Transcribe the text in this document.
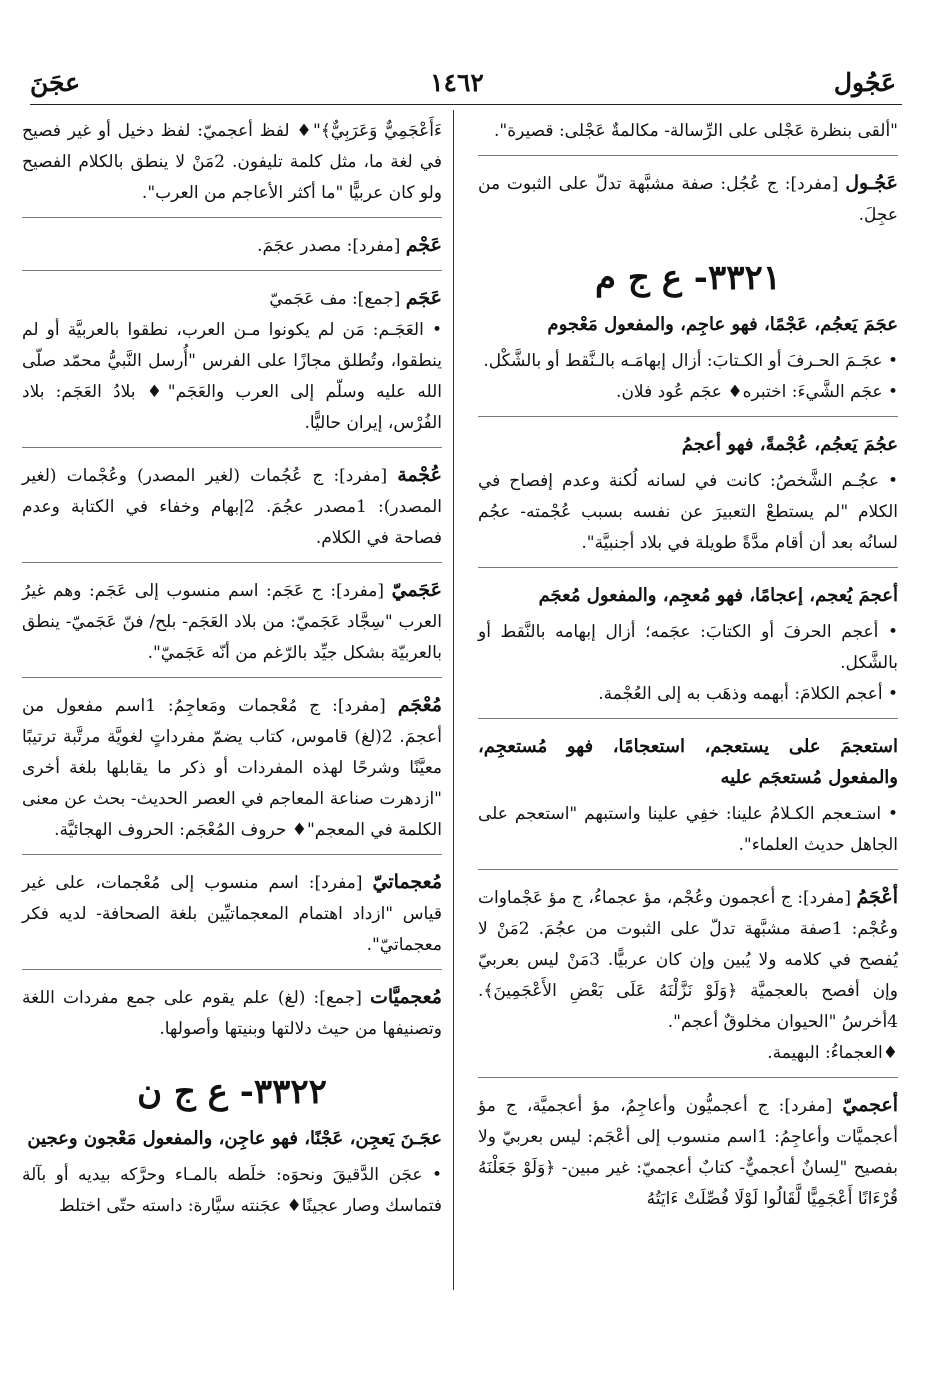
عَجُول
١٤٦٢
عجَنَ
"ألقى بنظرة عَجْلى على الرِّسالة- مكالمةٌ عَجْلى: قصيرة".
عَجُـول [مفرد]: ج عُجُل: صفة مشبَّهة تدلّ على الثبوت من عجِلَ.
٣٣٢١- ع ج م
عجَمَ يَعجُم، عَجْمًا، فهو عاجِم، والمفعول مَعْجوم
• عجَـمَ الحـرفَ أو الكـتابَ: أزال إبهامَـه بالـنَّقط أو بالشَّكْل.
• عجَم الشَّيءَ: اختبره♦ عجَم عُود فلان.
عجُمَ يَعجُم، عُجْمةً، فهو أعجمُ
• عجُـم الشَّخصُ: كانت في لسانه لُكنة وعدم إفصاح في الكلام "لم يستطعْ التعبيرَ عن نفسه بسبب عُجْمته- عجُم لسانُه بعد أن أقام مدَّةً طويلة في بلاد أجنبيَّة".
أعجمَ يُعجم، إعجامًا، فهو مُعجِم، والمفعول مُعجَم
• أعجم الحرفَ أو الكتابَ: عجَمه؛ أزال إبهامه بالنَّقط أو بالشَّكل.
• أعجم الكلامَ: أبهمه وذهَب به إلى العُجْمة.
استعجمَ على يستعجم، استعجامًا، فهو مُستعجِم، والمفعول مُستعجَم عليه
• استـعجم الكـلامُ علينا: خفِي علينا واستبهم "استعجم على الجاهل حديث العلماء".
أعْجَمُ [مفرد]: ج أعجمون وعُجْم، مؤ عجماءُ، ج مؤ عَجْماوات وعُجْم: 1صفة مشبَّهة تدلّ على الثبوت من عجُمَ. 2مَنْ لا يُفصح في كلامه ولا يُبين وإن كان عربيًّا. 3مَنْ ليس بعربيّ وإن أفصح بالعجميَّة ﴿وَلَوْ نَزَّلْنَهُ عَلَى بَعْضِ الأَعْجَمِينَ﴾. 4أخرسُ "الحيوان مخلوقٌ أعجم".
♦العجماءُ: البهيمة.
أعجميّ [مفرد]: ج أعجميُّون وأعاجِمُ، مؤ أعجميَّة، ج مؤ أعجميَّات وأعاجِمُ: 1اسم منسوب إلى أعْجَم: ليس بعربيّ ولا بفصيح "لِسانٌ أعجميٌّ- كتابٌ أعجميّ: غير مبين- ﴿وَلَوْ جَعَلْنَهُ قُرْءَانًا أَعْجَمِيًّا لَّقَالُوا لَوْلَا فُصِّلَتْ ءَايَتُهُ
ءَأَعْجَمِيٌّ وَعَرَبِيٌّ﴾"♦ لفظ أعجميّ: لفظ دخيل أو غير فصيح في لغة ما، مثل كلمة تليفون. 2مَنْ لا ينطق بالكلام الفصيح ولو كان عربيًّا "ما أكثر الأعاجم من العرب".
عَجْم [مفرد]: مصدر عجَمَ.
عَجَم [جمع]: مف عَجَميّ
• العَجَـم: مَن لم يكونوا مـن العرب، نطقوا بالعربيَّة أو لم ينطقوا، وتُطلق مجازًا على الفرس "أُرسل النَّبيُّ محمّد صلّى الله عليه وسلّم إلى العرب والعَجَم"♦ بلادُ العَجَم: بلاد الفُرْس، إيران حاليًّا.
عُجْمة [مفرد]: ج عُجُمات (لغير المصدر) وعُجْمات (لغير المصدر): 1مصدر عجُمَ. 2إبهام وخفاء في الكتابة وعدم فصاحة في الكلام.
عَجَميّ [مفرد]: ج عَجَم: اسم منسوب إلى عَجَم: وهم غيرُ العرب "سِجَّاد عَجَميّ: من بلاد العَجَم- بلح/ فنّ عَجَميّ- ينطق بالعربيّة بشكل جيِّد بالرّغم من أنّه عَجَميّ".
مُعْجَم [مفرد]: ج مُعْجمات ومَعاجِمُ: 1اسم مفعول من أعجمَ. 2(لغ) قاموس، كتاب يضمّ مفرداتٍ لغويَّة مرتَّبة ترتيبًا معيَّنًا وشرحًا لهذه المفردات أو ذكر ما يقابلها بلغة أخرى "ازدهرت صناعة المعاجم في العصر الحديث- بحث عن معنى الكلمة في المعجم"♦ حروف المُعْجَم: الحروف الهجائيَّة.
مُعجماتيّ [مفرد]: اسم منسوب إلى مُعْجمات، على غير قياس "ازداد اهتمام المعجماتيِّين بلغة الصحافة- لديه فكر معجماتيّ".
مُعجميَّات [جمع]: (لغ) علم يقوم على جمع مفردات اللغة وتصنيفها من حيث دلالتها وبنيتها وأصولها.
٣٣٢٢- ع ج ن
عجَـنَ يَعجِن، عَجْنًا، فهو عاجِن، والمفعول مَعْجون وعجين
• عجَن الدَّقيقَ ونحوَه: خلَطه بالمـاء وحرَّكه بيديه أو بآلة فتماسك وصار عجينًا♦ عجَنته سيَّارة: داسته حتّى اختلط
